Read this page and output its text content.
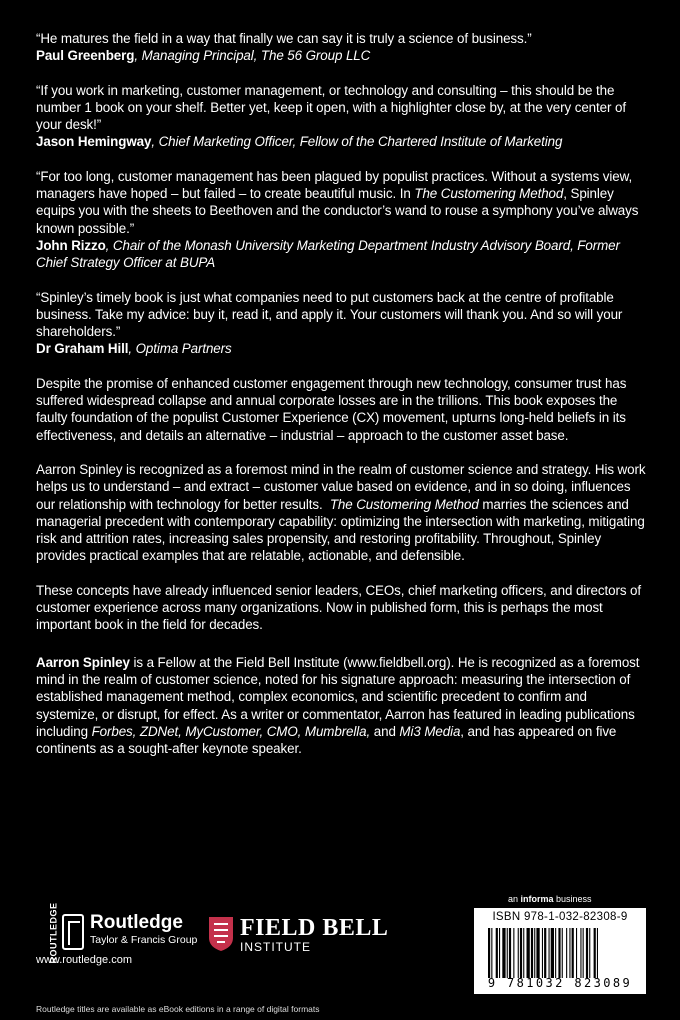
“He matures the field in a way that finally we can say it is truly a science of business.”
Paul Greenberg, Managing Principal, The 56 Group LLC
“If you work in marketing, customer management, or technology and consulting – this should be the number 1 book on your shelf. Better yet, keep it open, with a highlighter close by, at the very center of your desk!”
Jason Hemingway, Chief Marketing Officer, Fellow of the Chartered Institute of Marketing
“For too long, customer management has been plagued by populist practices. Without a systems view, managers have hoped – but failed – to create beautiful music. In The Customering Method, Spinley equips you with the sheets to Beethoven and the conductor’s wand to rouse a symphony you’ve always known possible.”
John Rizzo, Chair of the Monash University Marketing Department Industry Advisory Board, Former Chief Strategy Officer at BUPA
“Spinley’s timely book is just what companies need to put customers back at the centre of profitable business. Take my advice: buy it, read it, and apply it. Your customers will thank you. And so will your shareholders.”
Dr Graham Hill, Optima Partners
Despite the promise of enhanced customer engagement through new technology, consumer trust has suffered widespread collapse and annual corporate losses are in the trillions. This book exposes the faulty foundation of the populist Customer Experience (CX) movement, upturns long-held beliefs in its effectiveness, and details an alternative – industrial – approach to the customer asset base.
Aarron Spinley is recognized as a foremost mind in the realm of customer science and strategy. His work helps us to understand – and extract – customer value based on evidence, and in so doing, influences our relationship with technology for better results.  The Customering Method marries the sciences and managerial precedent with contemporary capability: optimizing the intersection with marketing, mitigating risk and attrition rates, increasing sales propensity, and restoring profitability. Throughout, Spinley provides practical examples that are relatable, actionable, and defensible.
These concepts have already influenced senior leaders, CEOs, chief marketing officers, and directors of customer experience across many organizations. Now in published form, this is perhaps the most important book in the field for decades.
Aarron Spinley is a Fellow at the Field Bell Institute (www.fieldbell.org). He is recognized as a foremost mind in the realm of customer science, noted for his signature approach: measuring the intersection of established management method, complex economics, and scientific precedent to confirm and systemize, or disrupt, for effect. As a writer or commentator, Aarron has featured in leading publications including Forbes, ZDNet, MyCustomer, CMO, Mumbrella, and Mi3 Media, and has appeared on five continents as a sought-after keynote speaker.
ROUTLEDGE Routledge
Taylor & Francis Group
www.routledge.com
FIELD BELL
INSTITUTE
an informa business
ISBN 978-1-032-82308-9
9 781032 823089
Routledge titles are available as eBook editions in a range of digital formats
